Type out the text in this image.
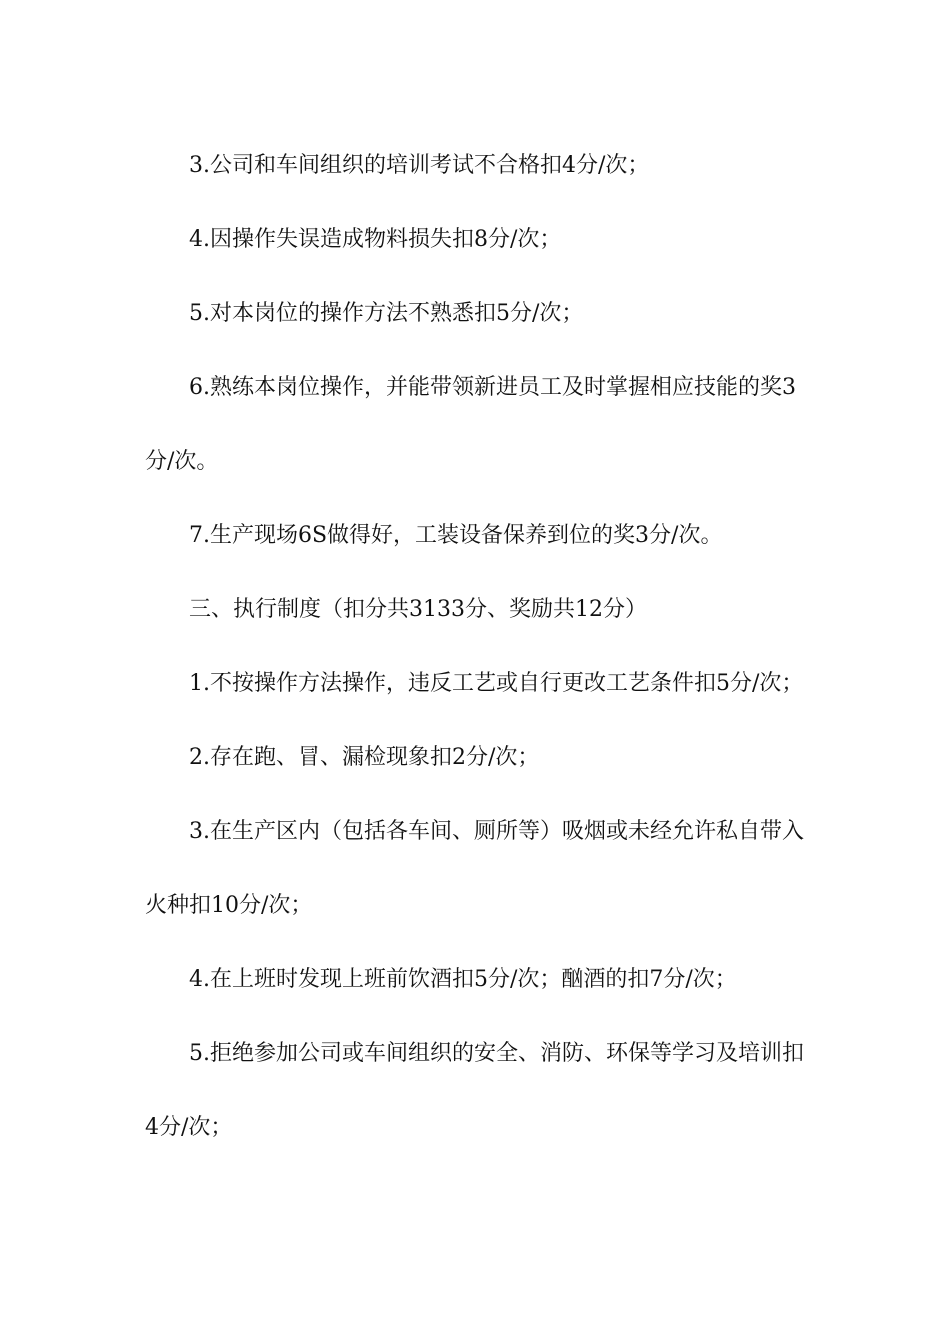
3.公司和车间组织的培训考试不合格扣4分/次；

4.因操作失误造成物料损失扣8分/次；

5.对本岗位的操作方法不熟悉扣5分/次；

6.熟练本岗位操作，并能带领新进员工及时掌握相应技能的奖3分/次。

7.生产现场6S做得好，工装设备保养到位的奖3分/次。

三、执行制度（扣分共3133分、奖励共12分）

1.不按操作方法操作，违反工艺或自行更改工艺条件扣5分/次；

2.存在跑、冒、漏检现象扣2分/次；

3.在生产区内（包括各车间、厕所等）吸烟或未经允许私自带入火种扣10分/次；

4.在上班时发现上班前饮酒扣5分/次；酗酒的扣7分/次；

5.拒绝参加公司或车间组织的安全、消防、环保等学习及培训扣4分/次；
